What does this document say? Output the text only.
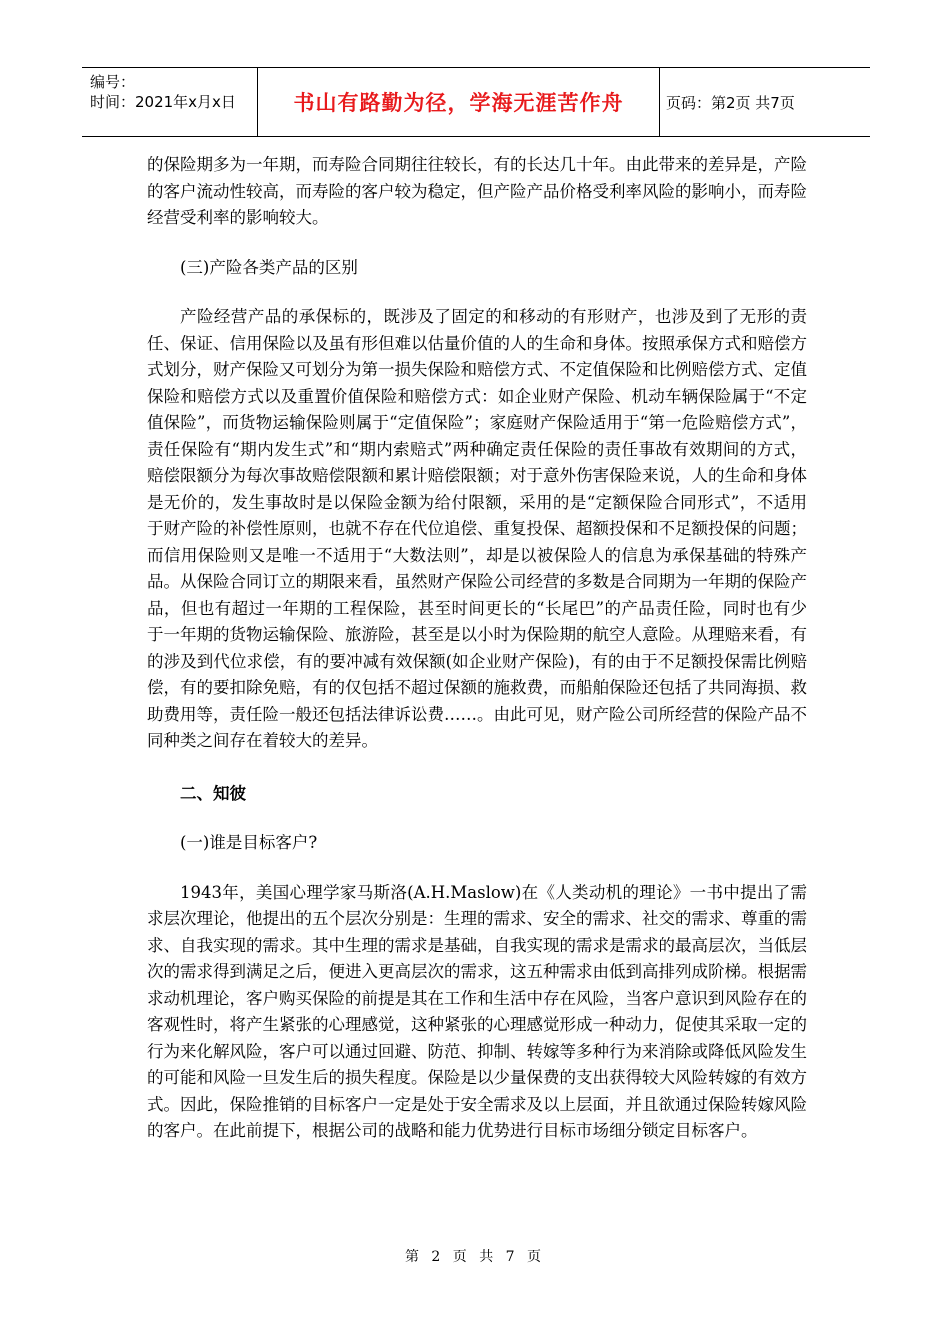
编号：
时间：2021年x月x日	书山有路勤为径，学海无涯苦作舟	页码：第2页 共7页

的保险期多为一年期，而寿险合同期往往较长，有的长达几十年。由此带来的差异是，产险的客户流动性较高，而寿险的客户较为稳定，但产险产品价格受利率风险的影响小，而寿险经营受利率的影响较大。

(三)产险各类产品的区别

产险经营产品的承保标的，既涉及了固定的和移动的有形财产，也涉及到了无形的责任、保证、信用保险以及虽有形但难以估量价值的人的生命和身体。按照承保方式和赔偿方式划分，财产保险又可划分为第一损失保险和赔偿方式、不定值保险和比例赔偿方式、定值保险和赔偿方式以及重置价值保险和赔偿方式：如企业财产保险、机动车辆保险属于“不定值保险”，而货物运输保险则属于“定值保险”；家庭财产保险适用于“第一危险赔偿方式”，责任保险有“期内发生式”和“期内索赔式”两种确定责任保险的责任事故有效期间的方式，赔偿限额分为每次事故赔偿限额和累计赔偿限额；对于意外伤害保险来说，人的生命和身体是无价的，发生事故时是以保险金额为给付限额，采用的是“定额保险合同形式”，不适用于财产险的补偿性原则，也就不存在代位追偿、重复投保、超额投保和不足额投保的问题；而信用保险则又是唯一不适用于“大数法则”，却是以被保险人的信息为承保基础的特殊产品。从保险合同订立的期限来看，虽然财产保险公司经营的多数是合同期为一年期的保险产品，但也有超过一年期的工程保险，甚至时间更长的“长尾巴”的产品责任险，同时也有少于一年期的货物运输保险、旅游险，甚至是以小时为保险期的航空人意险。从理赔来看，有的涉及到代位求偿，有的要冲减有效保额(如企业财产保险)，有的由于不足额投保需比例赔偿，有的要扣除免赔，有的仅包括不超过保额的施救费，而船舶保险还包括了共同海损、救助费用等，责任险一般还包括法律诉讼费……。由此可见，财产险公司所经营的保险产品不同种类之间存在着较大的差异。

二、知彼

(一)谁是目标客户?

1943年，美国心理学家马斯洛(A.H.Maslow)在《人类动机的理论》一书中提出了需求层次理论，他提出的五个层次分别是：生理的需求、安全的需求、社交的需求、尊重的需求、自我实现的需求。其中生理的需求是基础，自我实现的需求是需求的最高层次，当低层次的需求得到满足之后，便进入更高层次的需求，这五种需求由低到高排列成阶梯。根据需求动机理论，客户购买保险的前提是其在工作和生活中存在风险，当客户意识到风险存在的客观性时，将产生紧张的心理感觉，这种紧张的心理感觉形成一种动力，促使其采取一定的行为来化解风险，客户可以通过回避、防范、抑制、转嫁等多种行为来消除或降低风险发生的可能和风险一旦发生后的损失程度。保险是以少量保费的支出获得较大风险转嫁的有效方式。因此，保险推销的目标客户一定是处于安全需求及以上层面，并且欲通过保险转嫁风险的客户。在此前提下，根据公司的战略和能力优势进行目标市场细分锁定目标客户。

第 2 页 共 7 页
